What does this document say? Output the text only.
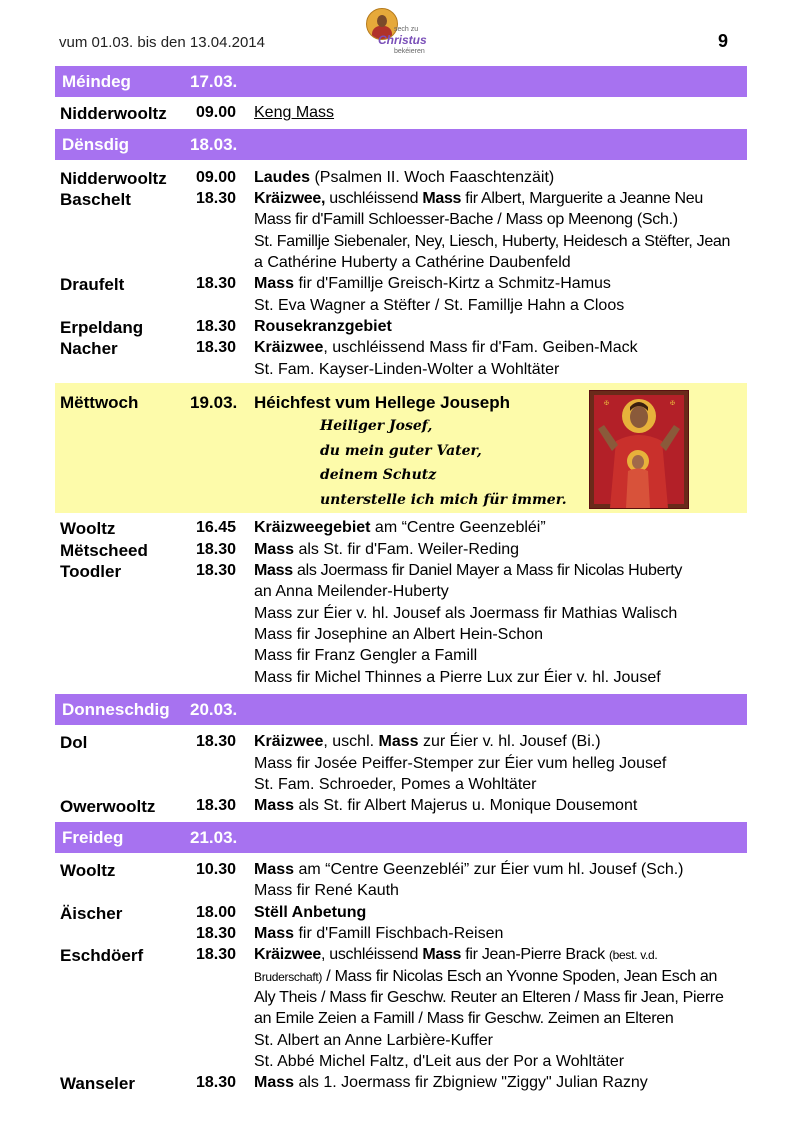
vum 01.03. bis den 13.04.2014
sech zu
Christus
bekéieren
9
Méindeg	17.03.
Nidderwooltz 09.00 Keng Mass
Dënsdig	18.03.
Nidderwooltz 09.00 Laudes (Psalmen II. Woch Faaschtenzäit)
Baschelt	18.30 Kräizwee, uschléissend Mass fir Albert, Marguerite a Jeanne Neu
Mass fir d'Famill Schloesser-Bache / Mass op Meenong (Sch.)
St. Famillje Siebenaler, Ney, Liesch, Huberty, Heidesch a Stëfter, Jean
a Cathérine Huberty a Cathérine Daubenfeld
Draufelt	18.30 Mass fir d'Famillje Greisch-Kirtz a Schmitz-Hamus
St. Eva Wagner a Stëfter / St. Famillje Hahn a Cloos
Erpeldang	18.30 Rousekranzgebiet
Nacher	18.30 Kräizwee, uschléissend Mass fir d'Fam. Geiben-Mack
St. Fam. Kayser-Linden-Wolter a Wohltäter
Mëttwoch	19.03. Héichfest vum Hellege Jouseph
Heiliger Josef,
du mein guter Vater,
deinem Schutz
unterstelle ich mich für immer.
✠	✠
Wooltz	16.45 Kräizweegebiet am “Centre Geenzebléi”
Mëtscheed	18.30 Mass als St. fir d'Fam. Weiler-Reding
Toodler	18.30 Mass als Joermass fir Daniel Mayer a Mass fir Nicolas Huberty
an Anna Meilender-Huberty
Mass zur Éier v. hl. Jousef als Joermass fir Mathias Walisch
Mass fir Josephine an Albert Hein-Schon
Mass fir Franz Gengler a Famill
Mass fir Michel Thinnes a Pierre Lux zur Éier v. hl. Jousef
Donneschdig 20.03.
Dol	18.30 Kräizwee, uschl. Mass zur Éier v. hl. Jousef (Bi.)
Mass fir Josée Peiffer-Stemper zur Éier vum helleg Jousef
St. Fam. Schroeder, Pomes a Wohltäter
Owerwooltz	18.30 Mass als St. fir Albert Majerus u. Monique Dousemont
Freideg	21.03.
Wooltz	10.30 Mass am “Centre Geenzebléi” zur Éier vum hl. Jousef (Sch.)
Mass fir René Kauth
Äischer	18.00 Stëll Anbetung
18.30 Mass fir d'Famill Fischbach-Reisen
Eschdöerf	18.30 Kräizwee, uschléissend Mass fir Jean-Pierre Brack (best. v.d.
Bruderschaft) / Mass fir Nicolas Esch an Yvonne Spoden, Jean Esch an
Aly Theis / Mass fir Geschw. Reuter an Elteren / Mass fir Jean, Pierre
an Emile Zeien a Famill / Mass fir Geschw. Zeimen an Elteren
St. Albert an Anne Larbière-Kuffer
St. Abbé Michel Faltz, d'Leit aus der Por a Wohltäter
Wanseler	18.30 Mass als 1. Joermass fir Zbigniew "Ziggy" Julian Razny
